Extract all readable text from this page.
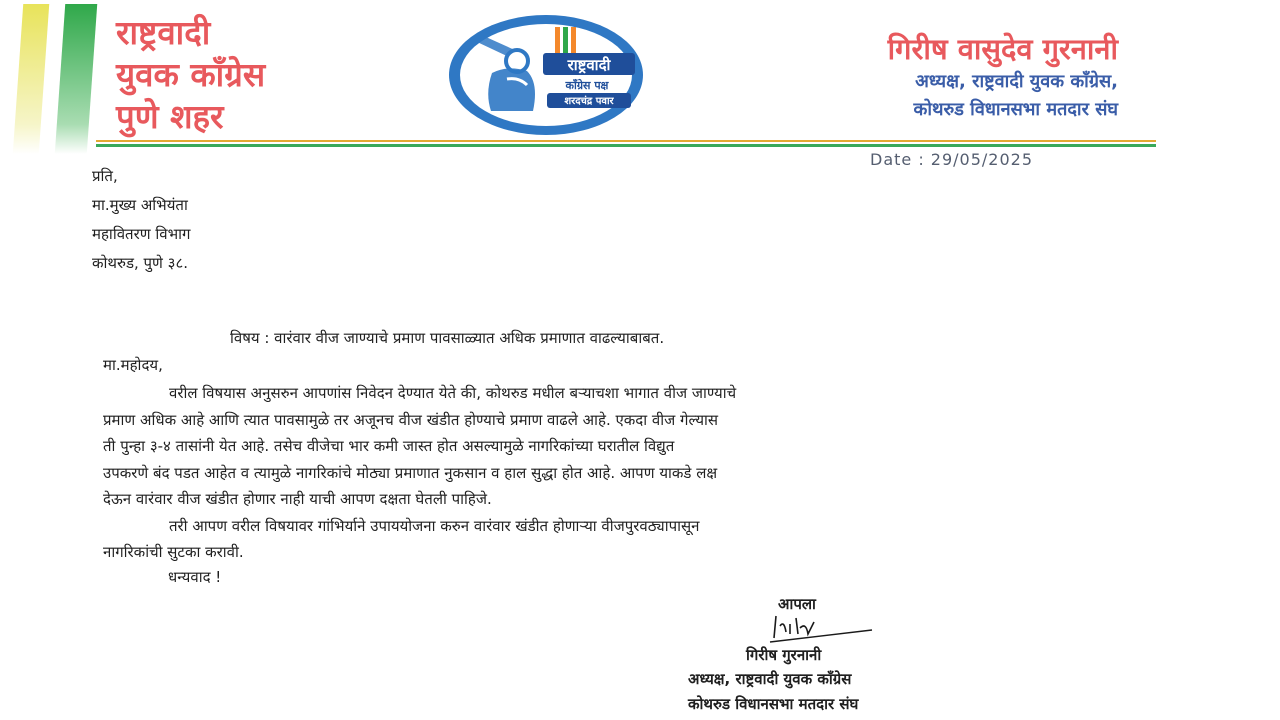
राष्ट्रवादी
युवक काँग्रेस
पुणे शहर
राष्ट्रवादी
कॉंग्रेस पक्ष
शरदचंद्र पवार
गिरीष वासुदेव गुरनानी
अध्यक्ष, राष्ट्रवादी युवक कॉंग्रेस,
कोथरुड विधानसभा मतदार संघ
Date : 29/05/2025
प्रति,
मा.मुख्य अभियंता
महावितरण विभाग
कोथरुड, पुणे ३८.
विषय : वारंवार वीज जाण्याचे प्रमाण पावसाळ्यात अधिक प्रमाणात वाढल्याबाबत.
मा.महोदय,
वरील विषयास अनुसरुन आपणांस निवेदन देण्यात येते की, कोथरुड मधील बऱ्याचशा भागात वीज जाण्याचे
प्रमाण अधिक आहे आणि त्यात पावसामुळे तर अजूनच वीज खंडीत होण्याचे प्रमाण वाढले आहे. एकदा वीज गेल्यास
ती पुन्हा ३-४ तासांनी येत आहे. तसेच वीजेचा भार कमी जास्त होत असल्यामुळे नागरिकांच्या घरातील विद्युत
उपकरणे बंद पडत आहेत व त्यामुळे नागरिकांचे मोठ्या प्रमाणात नुकसान व हाल सुद्धा होत आहे. आपण याकडे लक्ष
देऊन वारंवार वीज खंडीत होणार नाही याची आपण दक्षता घेतली पाहिजे.
तरी आपण वरील विषयावर गांभिर्याने उपाययोजना करुन वारंवार खंडीत होणाऱ्या वीजपुरवठ्यापासून
नागरिकांची सुटका करावी.
धन्यवाद !
आपला
गिरीष गुरनानी
अध्यक्ष, राष्ट्रवादी युवक कॉंग्रेस
कोथरुड विधानसभा मतदार संघ
